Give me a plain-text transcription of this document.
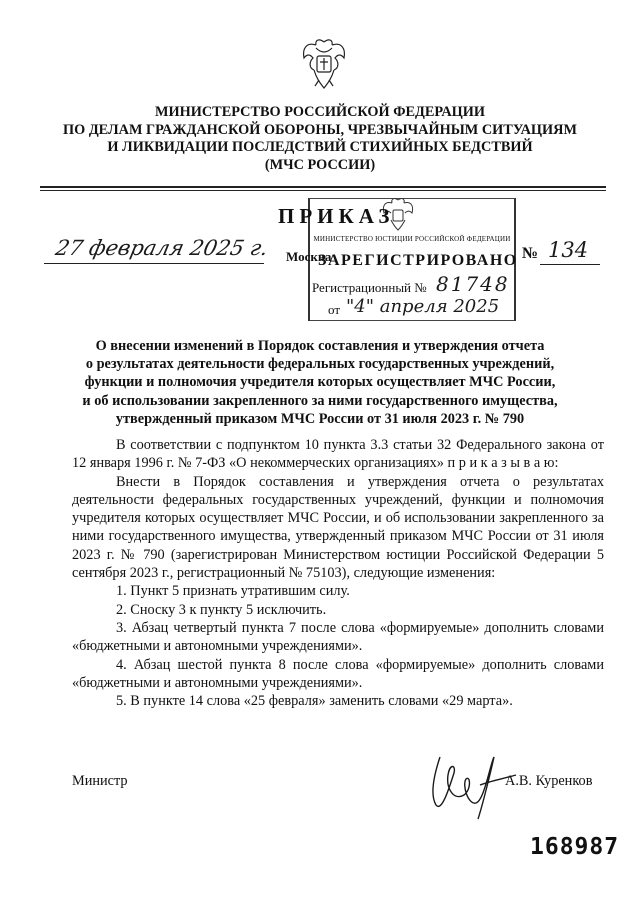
МИНИСТЕРСТВО РОССИЙСКОЙ ФЕДЕРАЦИИ
ПО ДЕЛАМ ГРАЖДАНСКОЙ ОБОРОНЫ, ЧРЕЗВЫЧАЙНЫМ СИТУАЦИЯМ
И ЛИКВИДАЦИИ ПОСЛЕДСТВИЙ СТИХИЙНЫХ БЕДСТВИЙ
(МЧС РОССИИ)
МИНИСТЕРСТВО ЮСТИЦИИ РОССИЙСКОЙ ФЕДЕРАЦИИ
ЗАРЕГИСТРИРОВАНО
Регистрационный № 81748
от "4" апреля 2025
ПРИКАЗ
27 февраля 2025 г. Москва	№ 134
О внесении изменений в Порядок составления и утверждения отчета
о результатах деятельности федеральных государственных учреждений,
функции и полномочия учредителя которых осуществляет МЧС России,
и об использовании закрепленного за ними государственного имущества,
утвержденный приказом МЧС России от 31 июля 2023 г. № 790

В соответствии с подпунктом 10 пункта 3.3 статьи 32 Федерального закона от 12 января 1996 г. № 7-ФЗ «О некоммерческих организациях» п р и к а з ы в а ю:

Внести в Порядок составления и утверждения отчета о результатах деятельности федеральных государственных учреждений, функции и полномочия учредителя которых осуществляет МЧС России, и об использовании закрепленного за ними государственного имущества, утвержденный приказом МЧС России от 31 июля 2023 г. № 790 (зарегистрирован Министерством юстиции Российской Федерации 5 сентября 2023 г., регистрационный № 75103), следующие изменения:

1. Пункт 5 признать утратившим силу.

2. Сноску 3 к пункту 5 исключить.

3. Абзац четвертый пункта 7 после слова «формируемые» дополнить словами «бюджетными и автономными учреждениями».

4. Абзац шестой пункта 8 после слова «формируемые» дополнить словами «бюджетными и автономными учреждениями».

5. В пункте 14 слова «25 февраля» заменить словами «29 марта».

Министр	А.В. Куренков
168987
